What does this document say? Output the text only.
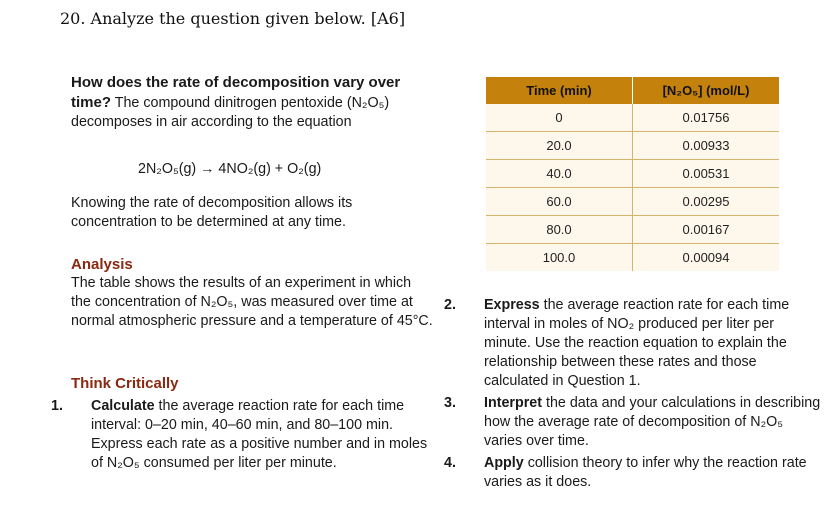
20. Analyze the question given below. [A6]
How does the rate of decomposition vary over time? The compound dinitrogen pentoxide (N₂O₅) decomposes in air according to the equation
2N₂O₅(g) → 4NO₂(g) + O₂(g)
Knowing the rate of decomposition allows its concentration to be determined at any time.
Analysis
The table shows the results of an experiment in which the concentration of N₂O₅, was measured over time at normal atmospheric pressure and a temperature of 45°C.
Think Critically
1. Calculate the average reaction rate for each time interval: 0–20 min, 40–60 min, and 80–100 min. Express each rate as a positive number and in moles of N₂O₅ consumed per liter per minute.
2. Express the average reaction rate for each time interval in moles of NO₂ produced per liter per minute. Use the reaction equation to explain the relationship between these rates and those calculated in Question 1.
3. Interpret the data and your calculations in describing how the average rate of decomposition of N₂O₅ varies over time.
4. Apply collision theory to infer why the reaction rate varies as it does.
Time (min)	[N₂O₅] (mol/L)
0	0.01756
20.0	0.00933
40.0	0.00531
60.0	0.00295
80.0	0.00167
100.0	0.00094
